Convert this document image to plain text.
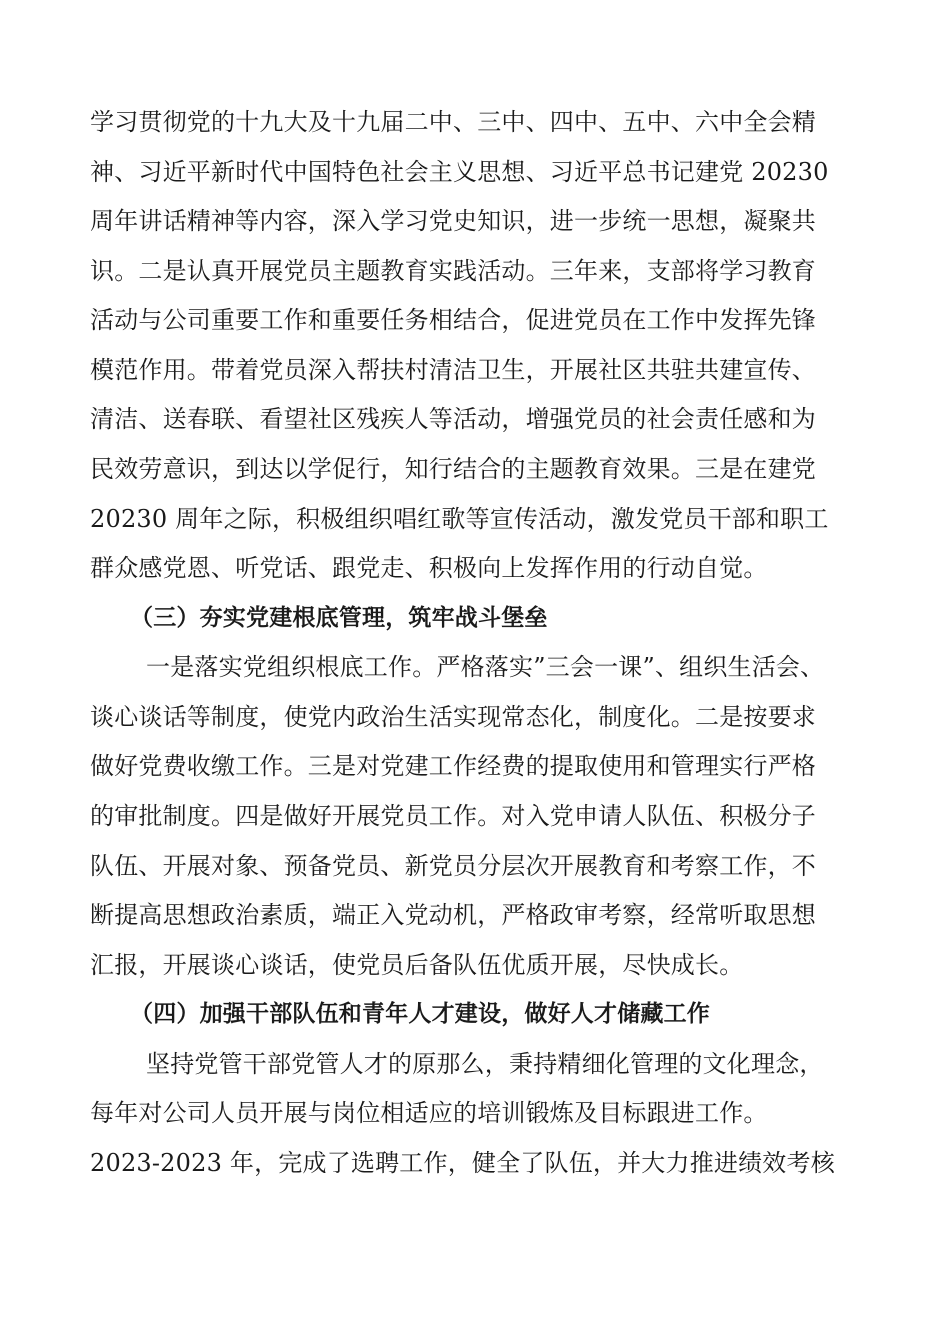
学习贯彻党的十九大及十九届二中、三中、四中、五中、六中全会精
神、习近平新时代中国特色社会主义思想、习近平总书记建党 20230
周年讲话精神等内容，深入学习党史知识，进一步统一思想，凝聚共
识。二是认真开展党员主题教育实践活动。三年来，支部将学习教育
活动与公司重要工作和重要任务相结合，促进党员在工作中发挥先锋
模范作用。带着党员深入帮扶村清洁卫生，开展社区共驻共建宣传、
清洁、送春联、看望社区残疾人等活动，增强党员的社会责任感和为
民效劳意识，到达以学促行，知行结合的主题教育效果。三是在建党
20230 周年之际，积极组织唱红歌等宣传活动，激发党员干部和职工
群众感党恩、听党话、跟党走、积极向上发挥作用的行动自觉。
（三）夯实党建根底管理，筑牢战斗堡垒
一是落实党组织根底工作。严格落实”三会一课”、组织生活会、
谈心谈话等制度，使党内政治生活实现常态化，制度化。二是按要求
做好党费收缴工作。三是对党建工作经费的提取使用和管理实行严格
的审批制度。四是做好开展党员工作。对入党申请人队伍、积极分子
队伍、开展对象、预备党员、新党员分层次开展教育和考察工作，不
断提高思想政治素质，端正入党动机，严格政审考察，经常听取思想
汇报，开展谈心谈话，使党员后备队伍优质开展，尽快成长。
（四）加强干部队伍和青年人才建设，做好人才储藏工作
坚持党管干部党管人才的原那么，秉持精细化管理的文化理念，
每年对公司人员开展与岗位相适应的培训锻炼及目标跟进工作。
2023-2023 年，完成了选聘工作，健全了队伍，并大力推进绩效考核
